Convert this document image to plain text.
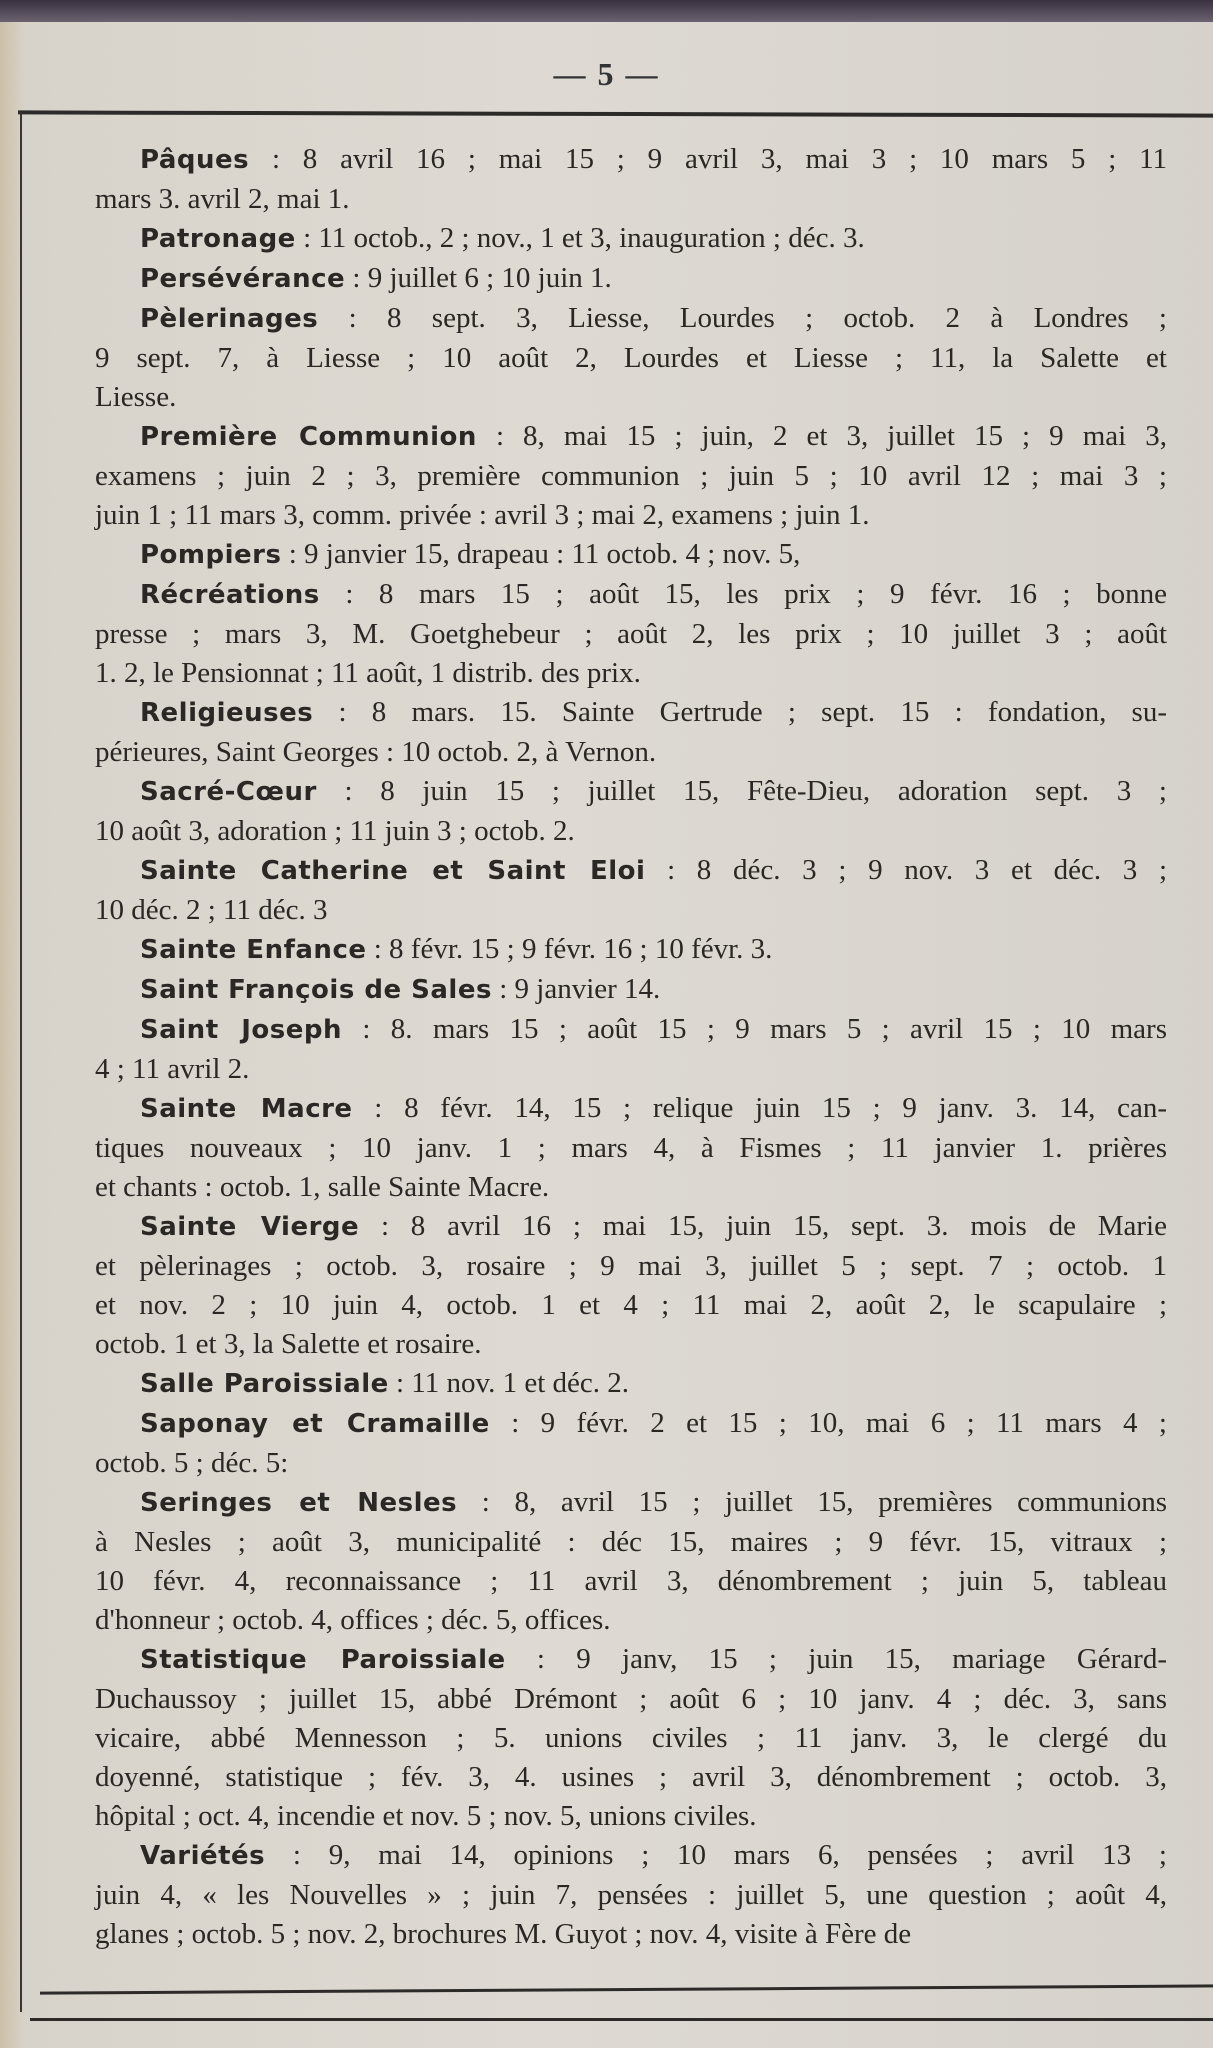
— 5 —
Pâques : 8 avril 16 ; mai 15 ; 9 avril 3, mai 3 ; 10 mars 5 ; 11
mars 3. avril 2, mai 1.
Patronage : 11 octob., 2 ; nov., 1 et 3, inauguration ; déc. 3.
Persévérance : 9 juillet 6 ; 10 juin 1.
Pèlerinages : 8 sept. 3, Liesse, Lourdes ; octob. 2 à Londres ;
9 sept. 7, à Liesse ; 10 août 2, Lourdes et Liesse ; 11, la Salette et
Liesse.
Première Communion : 8, mai 15 ; juin, 2 et 3, juillet 15 ; 9 mai 3,
examens ; juin 2 ; 3, première communion ; juin 5 ; 10 avril 12 ; mai 3 ;
juin 1 ; 11 mars 3, comm. privée : avril 3 ; mai 2, examens ; juin 1.
Pompiers : 9 janvier 15, drapeau : 11 octob. 4 ; nov. 5,
Récréations : 8 mars 15 ; août 15, les prix ; 9 févr. 16 ; bonne
presse ; mars 3, M. Goetghebeur ; août 2, les prix ; 10 juillet 3 ; août
1. 2, le Pensionnat ; 11 août, 1 distrib. des prix.
Religieuses : 8 mars. 15. Sainte Gertrude ; sept. 15 : fondation, su-
périeures, Saint Georges : 10 octob. 2, à Vernon.
Sacré-Cœur : 8 juin 15 ; juillet 15, Fête-Dieu, adoration sept. 3 ;
10 août 3, adoration ; 11 juin 3 ; octob. 2.
Sainte Catherine et Saint Eloi : 8 déc. 3 ; 9 nov. 3 et déc. 3 ;
10 déc. 2 ; 11 déc. 3
Sainte Enfance : 8 févr. 15 ; 9 févr. 16 ; 10 févr. 3.
Saint François de Sales : 9 janvier 14.
Saint Joseph : 8. mars 15 ; août 15 ; 9 mars 5 ; avril 15 ; 10 mars
4 ; 11 avril 2.
Sainte Macre : 8 févr. 14, 15 ; relique juin 15 ; 9 janv. 3. 14, can-
tiques nouveaux ; 10 janv. 1 ; mars 4, à Fismes ; 11 janvier 1. prières
et chants : octob. 1, salle Sainte Macre.
Sainte Vierge : 8 avril 16 ; mai 15, juin 15, sept. 3. mois de Marie
et pèlerinages ; octob. 3, rosaire ; 9 mai 3, juillet 5 ; sept. 7 ; octob. 1
et nov. 2 ; 10 juin 4, octob. 1 et 4 ; 11 mai 2, août 2, le scapulaire ;
octob. 1 et 3, la Salette et rosaire.
Salle Paroissiale : 11 nov. 1 et déc. 2.
Saponay et Cramaille : 9 févr. 2 et 15 ; 10, mai 6 ; 11 mars 4 ;
octob. 5 ; déc. 5:
Seringes et Nesles : 8, avril 15 ; juillet 15, premières communions
à Nesles ; août 3, municipalité : déc 15, maires ; 9 févr. 15, vitraux ;
10 févr. 4, reconnaissance ; 11 avril 3, dénombrement ; juin 5, tableau
d'honneur ; octob. 4, offices ; déc. 5, offices.
Statistique Paroissiale : 9 janv, 15 ; juin 15, mariage Gérard-
Duchaussoy ; juillet 15, abbé Drémont ; août 6 ; 10 janv. 4 ; déc. 3, sans
vicaire, abbé Mennesson ; 5. unions civiles ; 11 janv. 3, le clergé du
doyenné, statistique ; fév. 3, 4. usines ; avril 3, dénombrement ; octob. 3,
hôpital ; oct. 4, incendie et nov. 5 ; nov. 5, unions civiles.
Variétés : 9, mai 14, opinions ; 10 mars 6, pensées ; avril 13 ;
juin 4, « les Nouvelles » ; juin 7, pensées : juillet 5, une question ; août 4,
glanes ; octob. 5 ; nov. 2, brochures M. Guyot ; nov. 4, visite à Fère de
